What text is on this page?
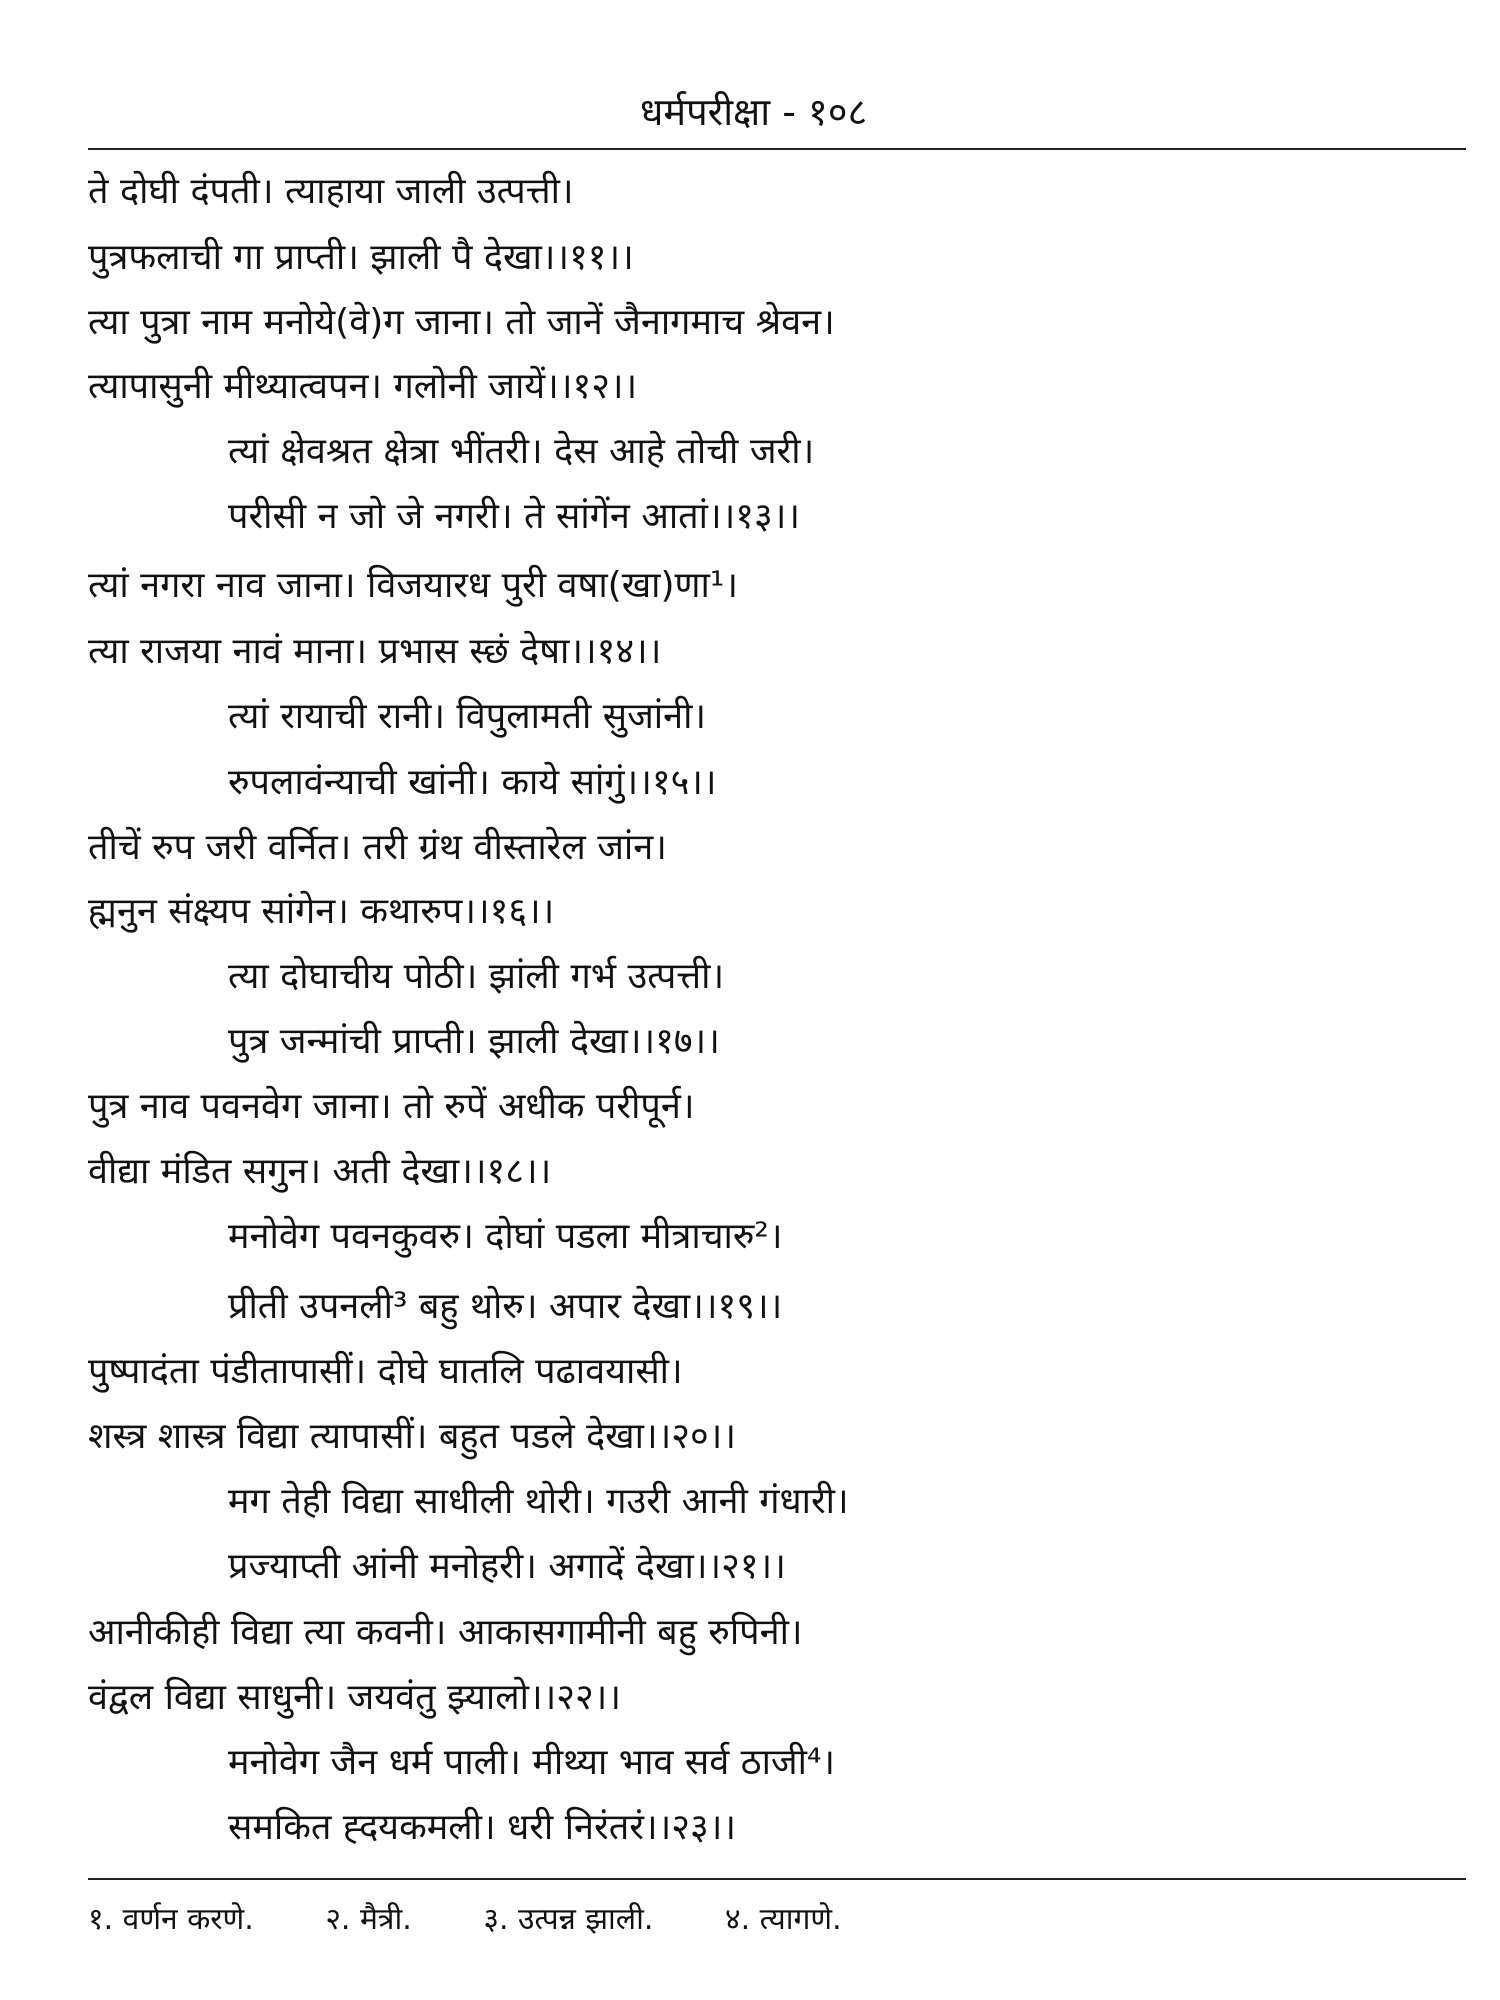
धर्मपरीक्षा - १०८
ते दोघी दंपती। त्याहाया जाली उत्पत्ती।
पुत्रफलाची गा प्राप्ती। झाली पै देखा।।११।।
त्या पुत्रा नाम मनोये(वे)ग जाना। तो जानें जैनागमाच श्रेवन।
त्यापासुनी मीथ्यात्वपन। गलोनी जायें।।१२।।
त्यां क्षेवश्रत क्षेत्रा भींतरी। देस आहे तोची जरी।
परीसी न जो जे नगरी। ते सांगेंन आतां।।१३।।
त्यां नगरा नाव जाना। विजयारध पुरी वषा(खा)णा¹।
त्या राजया नावं माना। प्रभास स्छं देषा।।१४।।
त्यां रायाची रानी। विपुलामती सुजांनी।
रुपलावंन्याची खांनी। काये सांगुं।।१५।।
तीचें रुप जरी वर्नित। तरी ग्रंथ वीस्तारेल जांन।
ह्मनुन संक्ष्यप सांगेन। कथारुप।।१६।।
त्या दोघाचीय पोठी। झांली गर्भ उत्पत्ती।
पुत्र जन्मांची प्राप्ती। झाली देखा।।१७।।
पुत्र नाव पवनवेग जाना। तो रुपें अधीक परीपूर्न।
वीद्या मंडित सगुन। अती देखा।।१८।।
मनोवेग पवनकुवरु। दोघां पडला मीत्राचारु²।
प्रीती उपनली³ बहु थोरु। अपार देखा।।१९।।
पुष्पादंता पंडीतापासीं। दोघे घातलि पढावयासी।
शस्त्र शास्त्र विद्या त्यापासीं। बहुत पडले देखा।।२०।।
मग तेही विद्या साधीली थोरी। गउरी आनी गंधारी।
प्रज्याप्ती आंनी मनोहरी। अगादें देखा।।२१।।
आनीकीही विद्या त्या कवनी। आकासगामीनी बहु रुपिनी।
वंद्वल विद्या साधुनी। जयवंतु झ्यालो।।२२।।
मनोवेग जैन धर्म पाली। मीथ्या भाव सर्व ठाजी⁴।
समकित ह्दयकमली। धरी निरंतरं।।२३।।
१. वर्णन करणे. २. मैत्री. ३. उत्पन्न झाली. ४. त्यागणे.
